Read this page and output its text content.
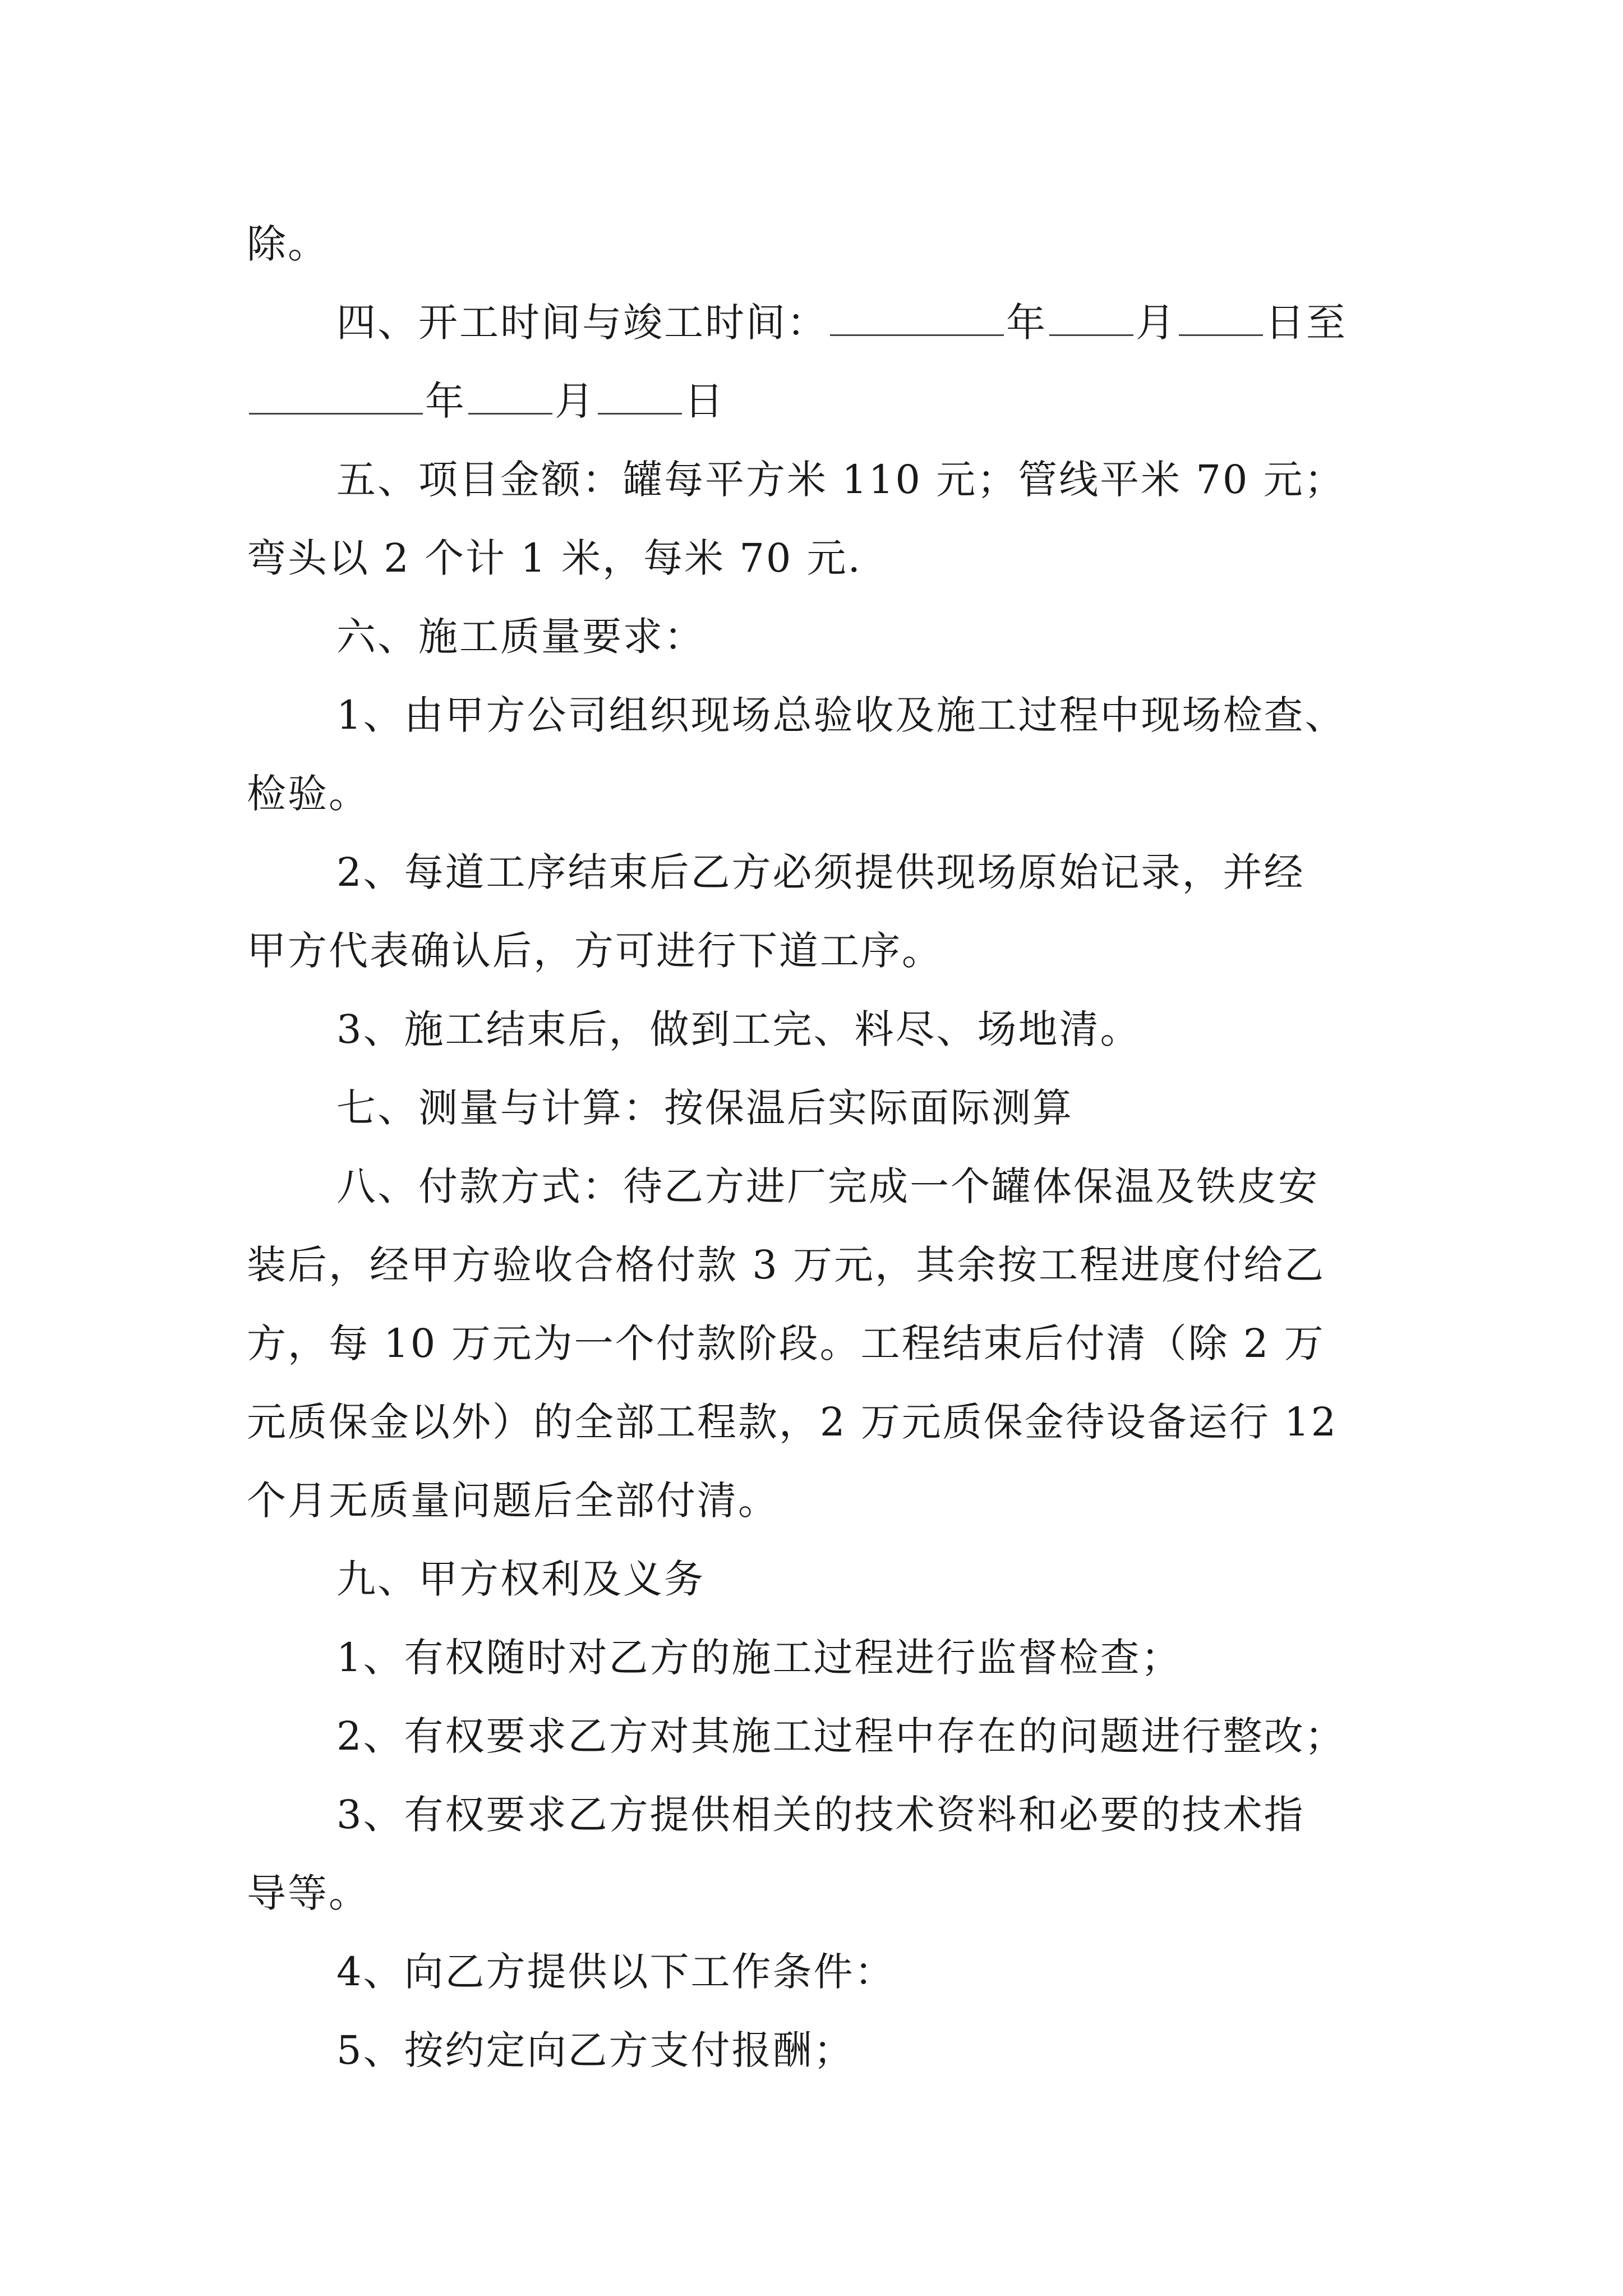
除。

四、开工时间与竣工时间：	年 月 日至

年 月 日

五、项目金额：罐每平方米 110 元；管线平米 70 元；

弯头以 2 个计 1 米，每米 70 元.

六、施工质量要求：

1、由甲方公司组织现场总验收及施工过程中现场检查、

检验。

2、每道工序结束后乙方必须提供现场原始记录，并经

甲方代表确认后，方可进行下道工序。

3、施工结束后，做到工完、料尽、场地清。

七、测量与计算：按保温后实际面际测算

八、付款方式：待乙方进厂完成一个罐体保温及铁皮安

装后，经甲方验收合格付款 3 万元，其余按工程进度付给乙

方，每 10 万元为一个付款阶段。工程结束后付清（除 2 万

元质保金以外）的全部工程款，2 万元质保金待设备运行 12

个月无质量问题后全部付清。

九、甲方权利及义务

1、有权随时对乙方的施工过程进行监督检查；

2、有权要求乙方对其施工过程中存在的问题进行整改；

3、有权要求乙方提供相关的技术资料和必要的技术指

导等。

4、向乙方提供以下工作条件：

5、按约定向乙方支付报酬；
